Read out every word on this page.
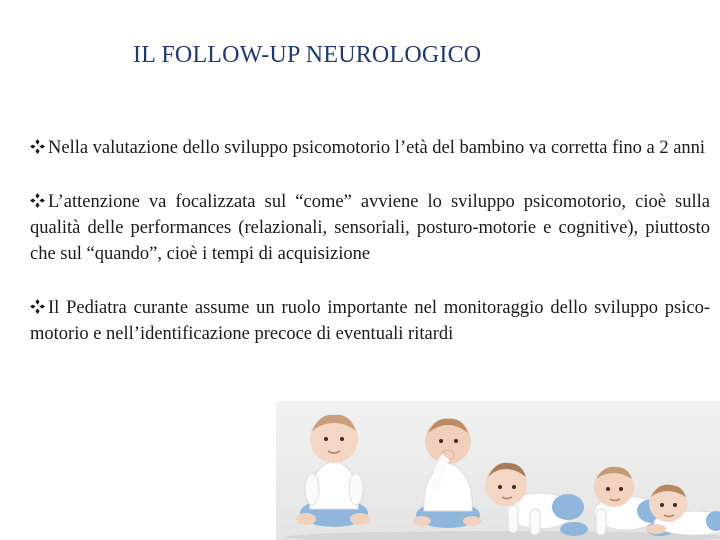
IL FOLLOW-UP NEUROLOGICO

Nella valutazione dello sviluppo psicomotorio l’età del bambino va corretta fino a 2 anni

L’attenzione va focalizzata sul “come” avviene lo sviluppo psicomotorio, cioè sulla qualità delle performances (relazionali, sensoriali, posturo-motorie e cognitive), piuttosto che sul “quando”, cioè i tempi di acquisizione

Il Pediatra curante assume un ruolo importante nel monitoraggio dello sviluppo psico-motorio e nell’identificazione precoce di eventuali ritardi
